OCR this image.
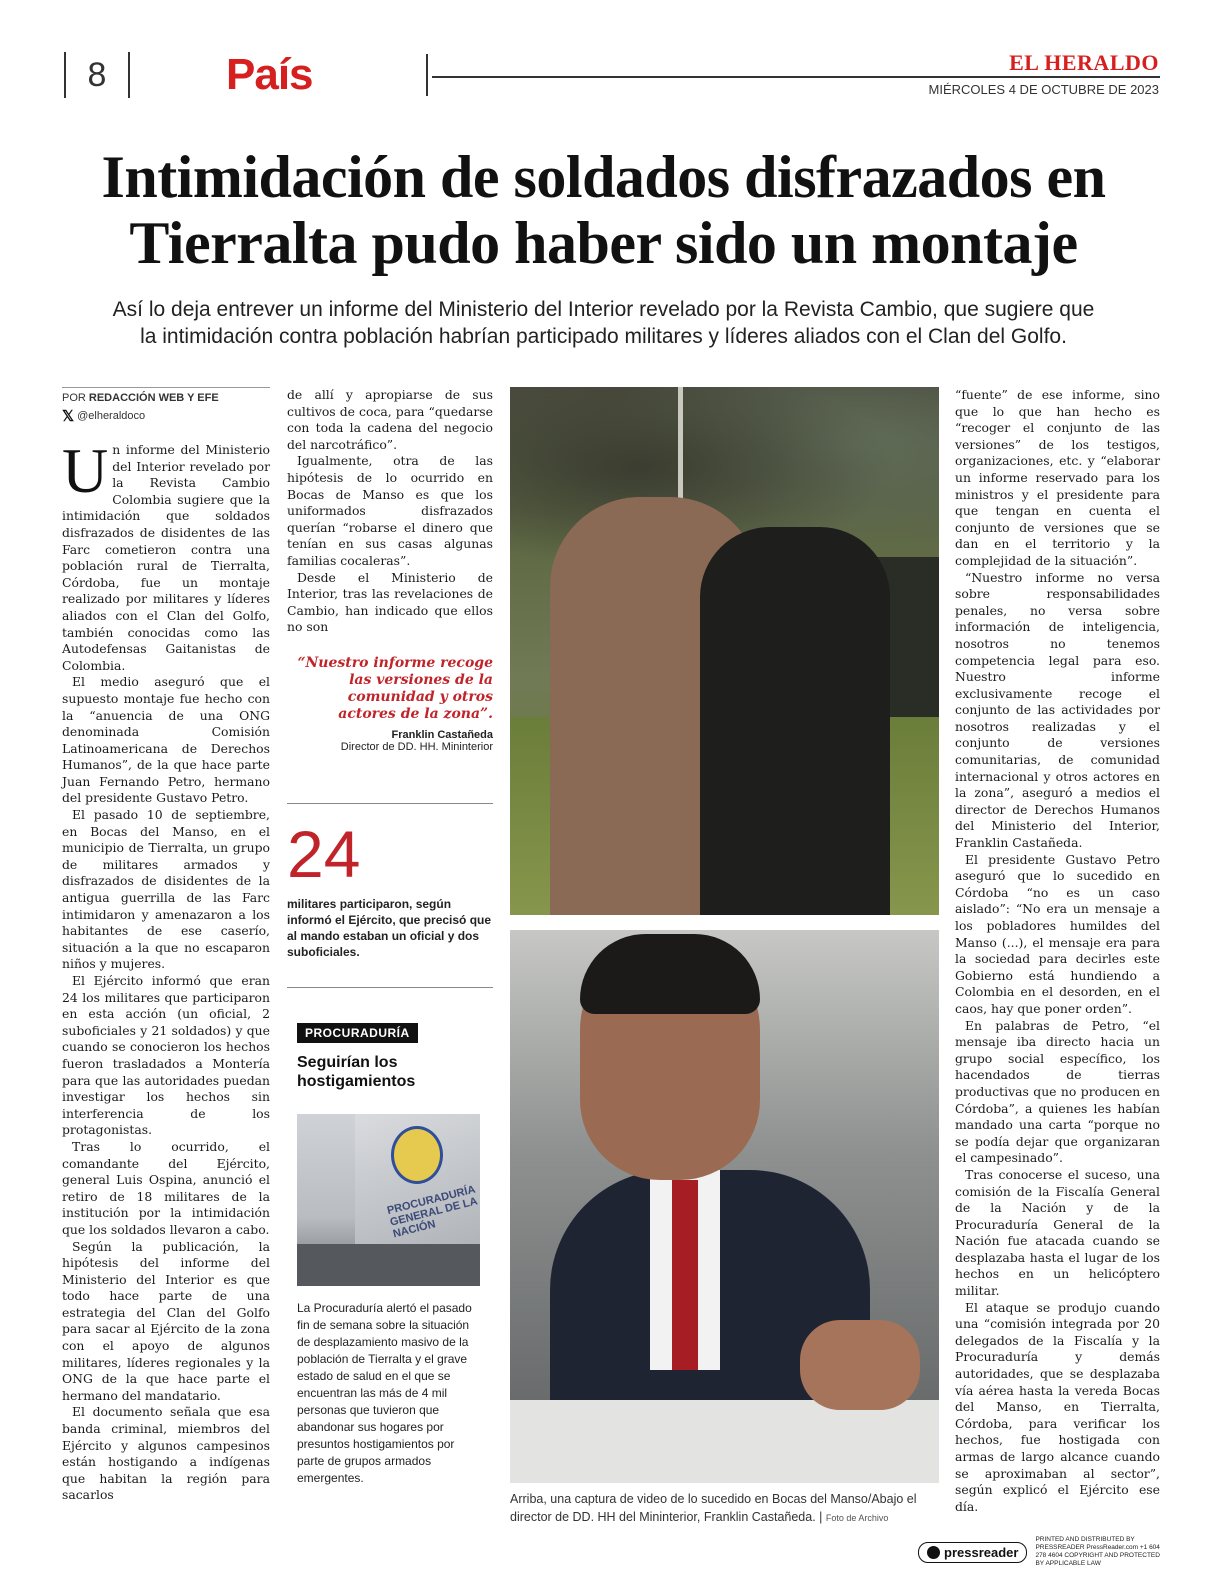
8	País	EL HERALDO
MIÉRCOLES 4 DE OCTUBRE DE 2023
Intimidación de soldados disfrazados en
Tierralta pudo haber sido un montaje
Así lo deja entrever un informe del Ministerio del Interior revelado por la Revista Cambio, que sugiere que
la intimidación contra población habrían participado militares y líderes aliados con el Clan del Golfo.
POR REDACCIÓN WEB Y EFE
𝕏 @elheraldoco

Un informe del Ministerio del Interior revelado por la Revista Cambio Colombia sugiere que la intimidación que soldados disfrazados de disidentes de las Farc cometieron contra una población rural de Tierralta, Córdoba, fue un montaje realizado por militares y líderes aliados con el Clan del Golfo, también conocidas como las Autodefensas Gaitanistas de Colombia.

El medio aseguró que el supuesto montaje fue hecho con la “anuencia de una ONG denominada Comisión Latinoamericana de Derechos Humanos”, de la que hace parte Juan Fernando Petro, hermano del presidente Gustavo Petro.

El pasado 10 de septiembre, en Bocas del Manso, en el municipio de Tierralta, un grupo de militares armados y disfrazados de disidentes de la antigua guerrilla de las Farc intimidaron y amenazaron a los habitantes de ese caserío, situación a la que no escaparon niños y mujeres.

El Ejército informó que eran 24 los militares que participaron en esta acción (un oficial, 2 suboficiales y 21 soldados) y que cuando se conocieron los hechos fueron trasladados a Montería para que las autoridades puedan investigar los hechos sin interferencia de los protagonistas.

Tras lo ocurrido, el comandante del Ejército, general Luis Ospina, anunció el retiro de 18 militares de la institución por la intimidación que los soldados llevaron a cabo.

Según la publicación, la hipótesis del informe del Ministerio del Interior es que todo hace parte de una estrategia del Clan del Golfo para sacar al Ejército de la zona con el apoyo de algunos militares, líderes regionales y la ONG de la que hace parte el hermano del mandatario.

El documento señala que esa banda criminal, miembros del Ejército y algunos campesinos están hostigando a indígenas que habitan la región para sacarlos

de allí y apropiarse de sus cultivos de coca, para “quedarse con toda la cadena del negocio del narcotráfico”.

Igualmente, otra de las hipótesis de lo ocurrido en Bocas de Manso es que los uniformados disfrazados querían “robarse el dinero que tenían en sus casas algunas familias cocaleras”.

Desde el Ministerio de Interior, tras las revelaciones de Cambio, han indicado que ellos no son

“Nuestro informe recoge las versiones de la comunidad y otros actores de la zona”.
Franklin Castañeda
Director de DD. HH. Mininterior
24
militares participaron, según informó el Ejército, que precisó que al mando estaban un oficial y dos suboficiales.
PROCURADURÍA
Seguirían los hostigamientos
PROCURADURÍA GENERAL DE LA NACIÓN
La Procuraduría alertó el pasado fin de semana sobre la situación de desplazamiento masivo de la población de Tierralta y el grave estado de salud en el que se encuentran las más de 4 mil personas que tuvieron que abandonar sus hogares por presuntos hostigamientos por parte de grupos armados emergentes.
Arriba, una captura de video de lo sucedido en Bocas del Manso/Abajo el director de DD. HH del Mininterior, Franklin Castañeda. | Foto de Archivo

“fuente” de ese informe, sino que lo que han hecho es “recoger el conjunto de las versiones” de los testigos, organizaciones, etc. y “elaborar un informe reservado para los ministros y el presidente para que tengan en cuenta el conjunto de versiones que se dan en el territorio y la complejidad de la situación”.

“Nuestro informe no versa sobre responsabilidades penales, no versa sobre información de inteligencia, nosotros no tenemos competencia legal para eso. Nuestro informe exclusivamente recoge el conjunto de las actividades por nosotros realizadas y el conjunto de versiones comunitarias, de comunidad internacional y otros actores en la zona”, aseguró a medios el director de Derechos Humanos del Ministerio del Interior, Franklin Castañeda.

El presidente Gustavo Petro aseguró que lo sucedido en Córdoba “no es un caso aislado”: “No era un mensaje a los pobladores humildes del Manso (...), el mensaje era para la sociedad para decirles este Gobierno está hundiendo a Colombia en el desorden, en el caos, hay que poner orden”.

En palabras de Petro, “el mensaje iba directo hacia un grupo social específico, los hacendados de tierras productivas que no producen en Córdoba”, a quienes les habían mandado una carta “porque no se podía dejar que organizaran el campesinado”.

Tras conocerse el suceso, una comisión de la Fiscalía General de la Nación y de la Procuraduría General de la Nación fue atacada cuando se desplazaba hasta el lugar de los hechos en un helicóptero militar.

El ataque se produjo cuando una “comisión integrada por 20 delegados de la Fiscalía y la Procuraduría y demás autoridades, que se desplazaba vía aérea hasta la vereda Bocas del Manso, en Tierralta, Córdoba, para verificar los hechos, fue hostigada con armas de largo alcance cuando se aproximaban al sector”, según explicó el Ejército ese día.

pressreader
PRINTED AND DISTRIBUTED BY PRESSREADER PressReader.com +1 604 278 4604 COPYRIGHT AND PROTECTED BY APPLICABLE LAW
